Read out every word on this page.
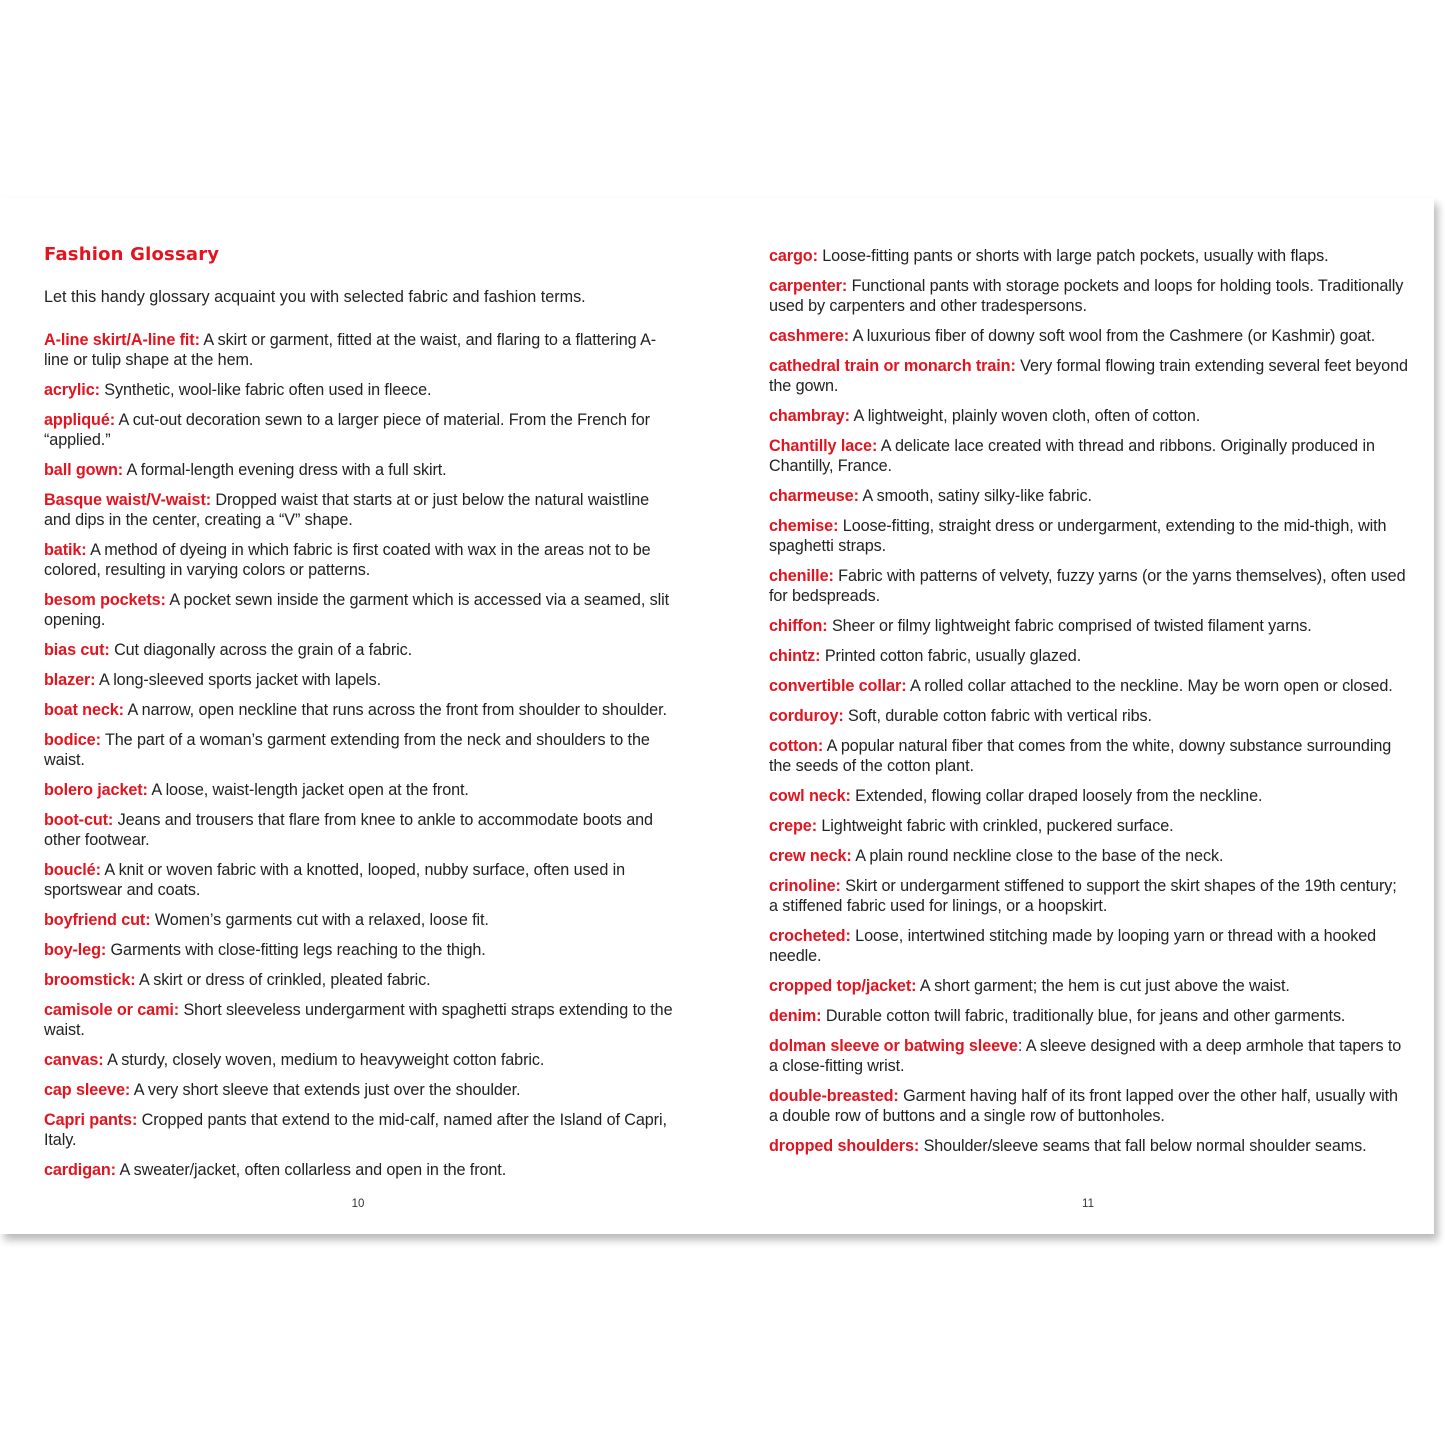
Fashion Glossary

Let this handy glossary acquaint you with selected fabric and fashion terms.

A-line skirt/A-line fit: A skirt or garment, fitted at the waist, and flaring to a flattering A-line or tulip shape at the hem.
acrylic: Synthetic, wool-like fabric often used in fleece.
appliqué: A cut-out decoration sewn to a larger piece of material. From the French for “applied.”
ball gown: A formal-length evening dress with a full skirt.
Basque waist/V-waist: Dropped waist that starts at or just below the natural waistline and dips in the center, creating a “V” shape.
batik: A method of dyeing in which fabric is first coated with wax in the areas not to be colored, resulting in varying colors or patterns.
besom pockets: A pocket sewn inside the garment which is accessed via a seamed, slit opening.
bias cut: Cut diagonally across the grain of a fabric.
blazer: A long-sleeved sports jacket with lapels.
boat neck: A narrow, open neckline that runs across the front from shoulder to shoulder.
bodice: The part of a woman’s garment extending from the neck and shoulders to the waist.
bolero jacket: A loose, waist-length jacket open at the front.
boot-cut: Jeans and trousers that flare from knee to ankle to accommodate boots and other footwear.
bouclé: A knit or woven fabric with a knotted, looped, nubby surface, often used in sportswear and coats.
boyfriend cut: Women’s garments cut with a relaxed, loose fit.
boy-leg: Garments with close-fitting legs reaching to the thigh.
broomstick: A skirt or dress of crinkled, pleated fabric.
camisole or cami: Short sleeveless undergarment with spaghetti straps extending to the waist.
canvas: A sturdy, closely woven, medium to heavyweight cotton fabric.
cap sleeve: A very short sleeve that extends just over the shoulder.
Capri pants: Cropped pants that extend to the mid-calf, named after the Island of Capri, Italy.
cardigan: A sweater/jacket, often collarless and open in the front.
10
cargo: Loose-fitting pants or shorts with large patch pockets, usually with flaps.
carpenter: Functional pants with storage pockets and loops for holding tools. Traditionally used by carpenters and other tradespersons.
cashmere: A luxurious fiber of downy soft wool from the Cashmere (or Kashmir) goat.
cathedral train or monarch train: Very formal flowing train extending several feet beyond the gown.
chambray: A lightweight, plainly woven cloth, often of cotton.
Chantilly lace: A delicate lace created with thread and ribbons. Originally produced in Chantilly, France.
charmeuse: A smooth, satiny silky-like fabric.
chemise: Loose-fitting, straight dress or undergarment, extending to the mid-thigh, with spaghetti straps.
chenille: Fabric with patterns of velvety, fuzzy yarns (or the yarns themselves), often used for bedspreads.
chiffon: Sheer or filmy lightweight fabric comprised of twisted filament yarns.
chintz: Printed cotton fabric, usually glazed.
convertible collar: A rolled collar attached to the neckline. May be worn open or closed.
corduroy: Soft, durable cotton fabric with vertical ribs.
cotton: A popular natural fiber that comes from the white, downy substance surrounding the seeds of the cotton plant.
cowl neck: Extended, flowing collar draped loosely from the neckline.
crepe: Lightweight fabric with crinkled, puckered surface.
crew neck: A plain round neckline close to the base of the neck.
crinoline: Skirt or undergarment stiffened to support the skirt shapes of the 19th century; a stiffened fabric used for linings, or a hoopskirt.
crocheted: Loose, intertwined stitching made by looping yarn or thread with a hooked needle.
cropped top/jacket: A short garment; the hem is cut just above the waist.
denim: Durable cotton twill fabric, traditionally blue, for jeans and other garments.
dolman sleeve or batwing sleeve: A sleeve designed with a deep armhole that tapers to a close-fitting wrist.
double-breasted: Garment having half of its front lapped over the other half, usually with a double row of buttons and a single row of buttonholes.
dropped shoulders: Shoulder/sleeve seams that fall below normal shoulder seams.
11
